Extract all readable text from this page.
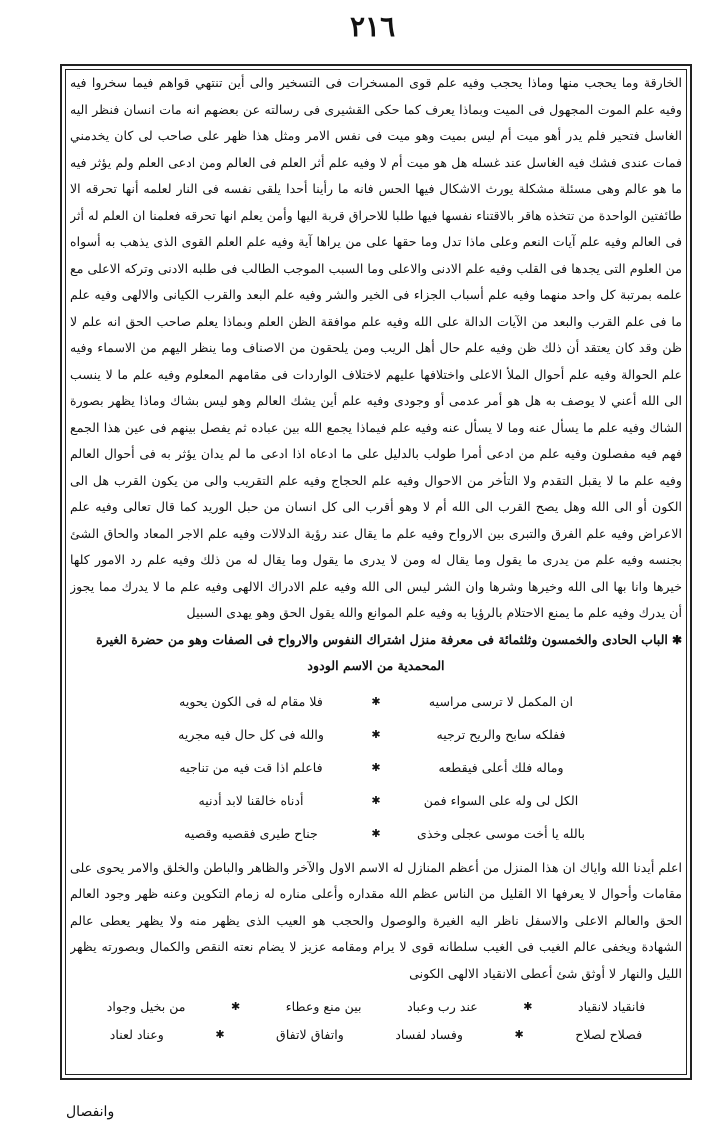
٢١٦

الخارقة وما يحجب منها وماذا يحجب وفيه علم قوى المسخرات فى التسخير والى أين تنتهي قواهم فيما سخروا فيه وفيه علم الموت المجهول فى الميت وبماذا يعرف كما حكى القشيرى فى رسالته عن بعضهم انه مات انسان فنظر اليه الغاسل فتحير فلم يدر أهو ميت أم ليس بميت وهو ميت فى نفس الامر ومثل هذا ظهر على صاحب لى كان يخدمني فمات عندى فشك فيه الغاسل عند غسله هل هو ميت أم لا وفيه علم أثر العلم فى العالم ومن ادعى العلم ولم يؤثر فيه ما هو عالم وهى مسئلة مشكلة يورث الاشكال فيها الحس فانه ما رأينا أحدا يلقى نفسه فى النار لعلمه أنها تحرقه الا طائفتين الواحدة من تتخذه هاقر بالاقتناء نفسها فيها طلبا للاحراق قربة اليها وأمن يعلم انها تحرقه فعلمنا ان العلم له أثر فى العالم وفيه علم آيات النعم وعلى ماذا تدل وما حقها على من يراها آية وفيه علم العلم القوى الذى يذهب به أسواه من العلوم التى يجدها فى القلب وفيه علم الادنى والاعلى وما السبب الموجب الطالب فى طلبه الادنى وتركه الاعلى مع علمه بمرتبة كل واحد منهما وفيه علم أسباب الجزاء فى الخير والشر وفيه علم البعد والقرب الكيانى والالهى وفيه علم ما فى علم القرب والبعد من الآيات الدالة على الله وفيه علم موافقة الظن العلم وبماذا يعلم صاحب الحق انه علم لا ظن وقد كان يعتقد أن ذلك ظن وفيه علم حال أهل الريب ومن يلحقون من الاصناف وما ينظر اليهم من الاسماء وفيه علم الحوالة وفيه علم أحوال الملأ الاعلى واختلافها عليهم لاختلاف الواردات فى مقامهم المعلوم وفيه علم ما لا ينسب الى الله أعني لا يوصف به هل هو أمر عدمى أو وجودى وفيه علم أين يشك العالم وهو ليس بشاك وماذا يظهر بصورة الشاك وفيه علم ما يسأل عنه وما لا يسأل عنه وفيه علم فيماذا يجمع الله بين عباده ثم يفصل بينهم فى عين هذا الجمع فهم فيه مفصلون وفيه علم من ادعى أمرا طولب بالدليل على ما ادعاه اذا ادعى ما لم يدان يؤثر به فى أحوال العالم وفيه علم ما لا يقبل التقدم ولا التأخر من الاحوال وفيه علم الحجاج وفيه علم التقريب والى من يكون القرب هل الى الكون أو الى الله وهل يصح القرب الى الله أم لا وهو أقرب الى كل انسان من حبل الوريد كما قال تعالى وفيه علم الاعراض وفيه علم الفرق والتبرى بين الارواح وفيه علم ما يقال عند رؤية الدلالات وفيه علم الاجر المعاد والحاق الشئ بجنسه وفيه علم من يدرى ما يقول وما يقال له ومن لا يدرى ما يقول وما يقال له من ذلك وفيه علم رد الامور كلها خيرها وانا بها الى الله وخيرها وشرها وان الشر ليس الى الله وفيه علم الادراك الالهى وفيه علم ما لا يدرك مما يجوز أن يدرك وفيه علم ما يمنع الاحتلام بالرؤيا به وفيه علم الموانع والله يقول الحق وهو يهدى السبيل

✱الباب الحادى والخمسون وثلثمائة فى معرفة منزل اشتراك النفوس والارواح فى الصفات وهو من حضرة الغيرة

المحمدية من الاسم الودود

ان المكمل لا ترسى مراسيه
✱
فلا مقام له فى الكون يحويه
ففلكه سابح والريح ترجيه
✱
والله فى كل حال فيه مجريه
وماله فلك أعلى فيقطعه
✱
فاعلم اذا قت فيه من تناجيه
الكل لى وله على السواء فمن
✱
أدناه خالقنا لابد أدنيه
بالله يا أخت موسى عجلى وخذى
✱
جناح طيرى فقصيه وقصيه

اعلم أيدنا الله واياك ان هذا المنزل من أعظم المنازل له الاسم الاول والآخر والظاهر والباطن والخلق والامر يحوى على مقامات وأحوال لا يعرفها الا القليل من الناس عظم الله مقداره وأعلى مناره له زمام التكوين وعنه ظهر وجود العالم الحق والعالم الاعلى والاسفل ناظر اليه الغيرة والوصول والحجب هو العيب الذى يظهر منه ولا يظهر يعطى عالم الشهادة ويخفى عالم الغيب فى الغيب سلطانه قوى لا يرام ومقامه عزيز لا يضام نعته النقص والكمال وبصورته يظهر الليل والنهار لا أوثق شئ أعطى الانقياد الالهى الكونى

فانقياد لانقياد
✱
عند رب وعباد
بين منع وعطاء
✱
من بخيل وجواد
فصلاح لصلاح
✱
وفساد لفساد
واتفاق لاتفاق
✱
وعناد لعناد
وانفصال
